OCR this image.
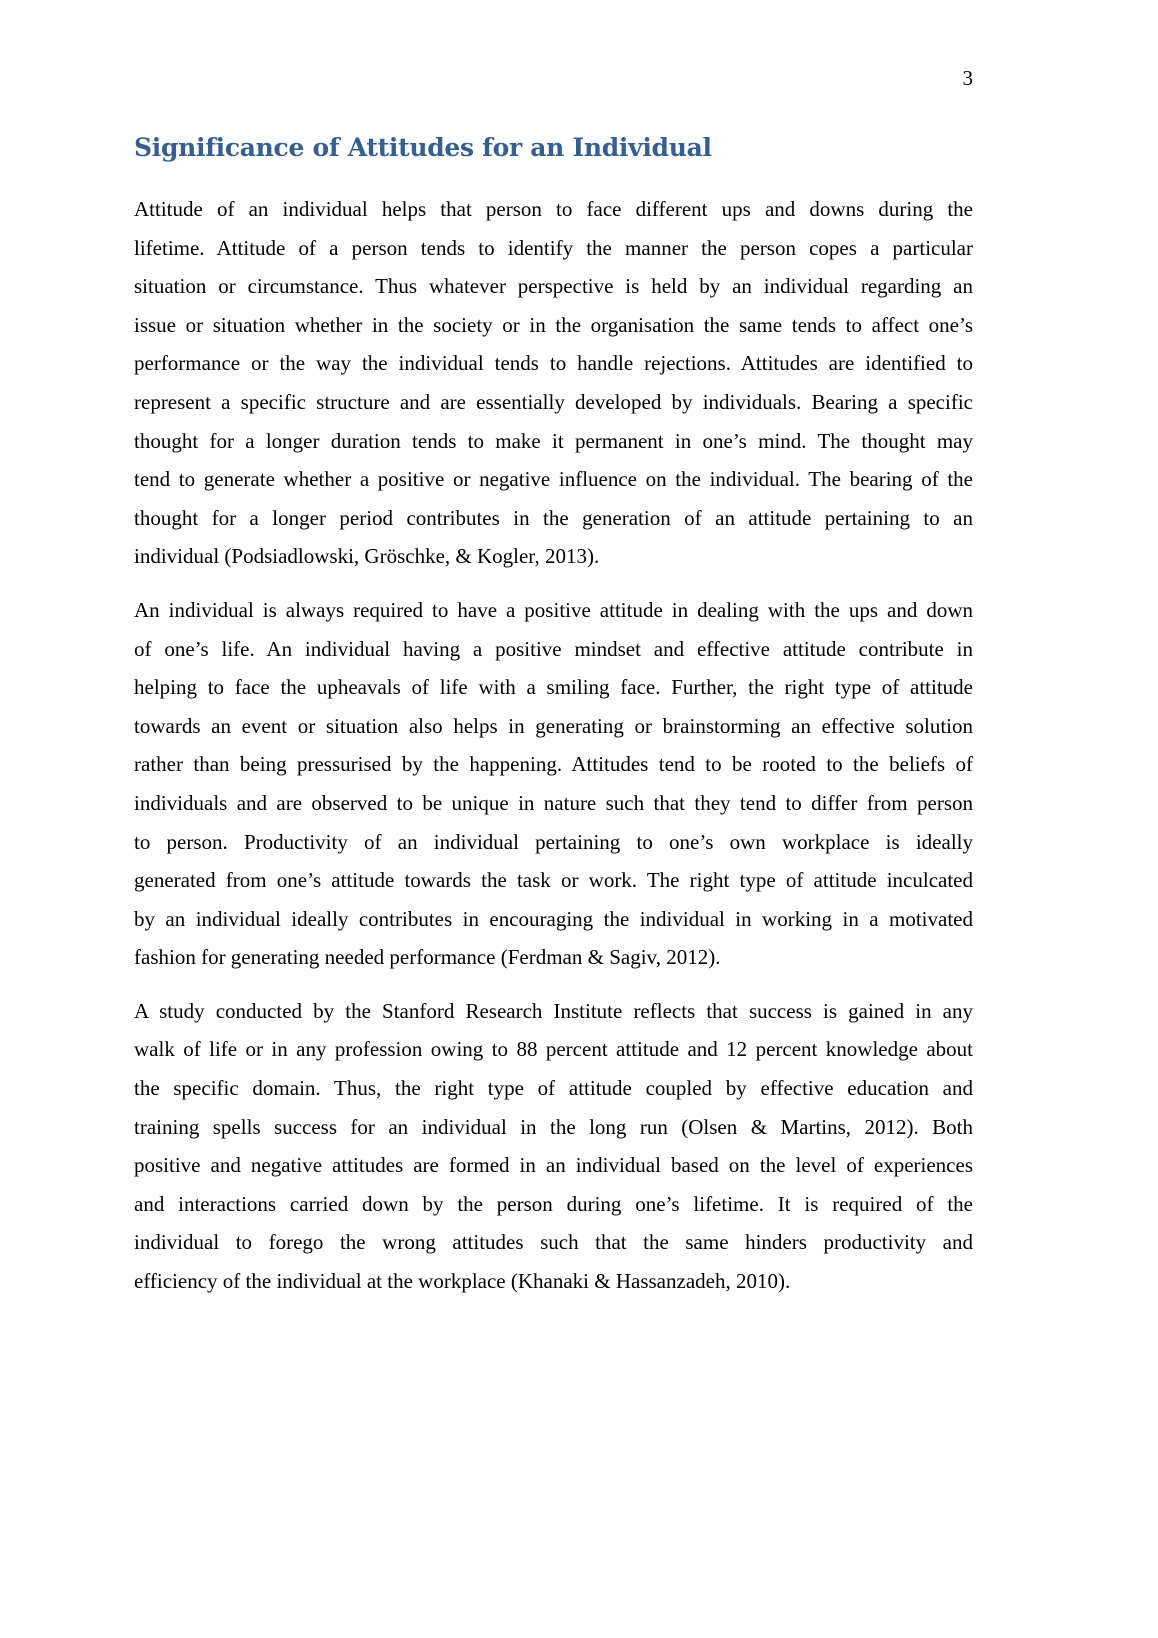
3
Significance of Attitudes for an Individual

Attitude of an individual helps that person to face different ups and downs during the
lifetime. Attitude of a person tends to identify the manner the person copes a particular
situation or circumstance. Thus whatever perspective is held by an individual regarding an
issue or situation whether in the society or in the organisation the same tends to affect one’s
performance or the way the individual tends to handle rejections. Attitudes are identified to
represent a specific structure and are essentially developed by individuals. Bearing a specific
thought for a longer duration tends to make it permanent in one’s mind. The thought may
tend to generate whether a positive or negative influence on the individual. The bearing of the
thought for a longer period contributes in the generation of an attitude pertaining to an
individual (Podsiadlowski, Gröschke, & Kogler, 2013).

An individual is always required to have a positive attitude in dealing with the ups and down
of one’s life. An individual having a positive mindset and effective attitude contribute in
helping to face the upheavals of life with a smiling face. Further, the right type of attitude
towards an event or situation also helps in generating or brainstorming an effective solution
rather than being pressurised by the happening. Attitudes tend to be rooted to the beliefs of
individuals and are observed to be unique in nature such that they tend to differ from person
to person. Productivity of an individual pertaining to one’s own workplace is ideally
generated from one’s attitude towards the task or work. The right type of attitude inculcated
by an individual ideally contributes in encouraging the individual in working in a motivated
fashion for generating needed performance (Ferdman & Sagiv, 2012).

A study conducted by the Stanford Research Institute reflects that success is gained in any
walk of life or in any profession owing to 88 percent attitude and 12 percent knowledge about
the specific domain. Thus, the right type of attitude coupled by effective education and
training spells success for an individual in the long run (Olsen & Martins, 2012). Both
positive and negative attitudes are formed in an individual based on the level of experiences
and interactions carried down by the person during one’s lifetime. It is required of the
individual to forego the wrong attitudes such that the same hinders productivity and
efficiency of the individual at the workplace (Khanaki & Hassanzadeh, 2010).
